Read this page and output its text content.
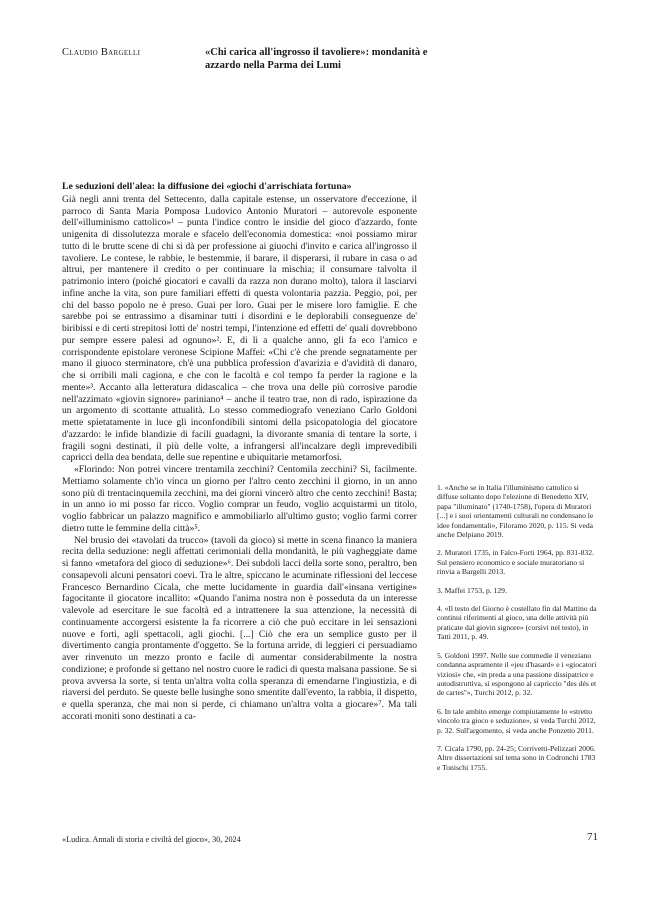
Claudio Bargelli	«Chi carica all'ingrosso il tavoliere»: mondanità e azzardo nella Parma dei Lumi
Le seduzioni dell'alea: la diffusione dei «giochi d'arrischiata fortuna»

Già negli anni trenta del Settecento, dalla capitale estense, un osservatore d'eccezione, il parroco di Santa Maria Pomposa Ludovico Antonio Muratori – autorevole esponente dell'«illuminismo cattolico»¹ – punta l'indice contro le insidie del gioco d'azzardo, fonte unigenita di dissolutezza morale e sfacelo dell'economia domestica: «noi possiamo mirar tutto di le brutte scene di chi si dà per professione ai giuochi d'invito e carica all'ingrosso il tavoliere. Le contese, le rabbie, le bestemmie, il barare, il disperarsi, il rubare in casa o ad altrui, per mantenere il credito o per continuare la mischia; il consumare talvolta il patrimonio intero (poiché giocatori e cavalli da razza non durano molto), talora il lasciarvi infine anche la vita, son pure familiari effetti di questa volontaria pazzia. Peggio, poi, per chi del basso popolo ne è preso. Guai per loro. Guai per le misere loro famiglie. E che sarebbe poi se entrassimo a disaminar tutti i disordini e le deplorabili conseguenze de' biribissi e di certi strepitosi lotti de' nostri tempi, l'intenzione ed effetti de' quali dovrebbono pur sempre essere palesi ad ognuno»². E, di lì a qualche anno, gli fa eco l'amico e corrispondente epistolare veronese Scipione Maffei: «Chi c'è che prende segnatamente per mano il giuoco sterminatore, ch'è una pubblica profession d'avarizia e d'avidità di danaro, che si orribili mali cagiona, e che con le facoltà e col tempo fa perder la ragione e la mente»³. Accanto alla letteratura didascalica – che trova una delle più corrosive parodie nell'azzimato «giovin signore» pariniano⁴ – anche il teatro trae, non di rado, ispirazione da un argomento di scottante attualità. Lo stesso commediografo veneziano Carlo Goldoni mette spietatamente in luce gli inconfondibili sintomi della psicopatologia del giocatore d'azzardo: le infide blandizie di facili guadagni, la divorante smania di tentare la sorte, i fragili sogni destinati, il più delle volte, a infrangersi all'incalzare degli imprevedibili capricci della dea bendata, delle sue repentine e ubiquitarie metamorfosi.

«Florindo: Non potrei vincere trentamila zecchini? Centomila zecchini? Sì, facilmente. Mettiamo solamente ch'io vinca un giorno per l'altro cento zecchini il giorno, in un anno sono più di trentacinquemila zecchini, ma dei giorni vincerò altro che cento zecchini! Basta; in un anno io mi posso far ricco. Voglio comprar un feudo, voglio acquistarmi un titolo, voglio fabbricar un palazzo magnifico e ammobiliarlo all'ultimo gusto; voglio farmi correr dietro tutte le femmine della città»⁵.

Nel brusio dei «tavolati da trucco» (tavoli da gioco) si mette in scena financo la maniera recita della seduzione: negli affettati cerimoniali della mondanità, le più vagheggiate dame si fanno «metafora del gioco di seduzione»⁶. Dei subdoli lacci della sorte sono, peraltro, ben consapevoli alcuni pensatori coevi. Tra le altre, spiccano le acuminate riflessioni del leccese Francesco Bernardino Cicala, che mette lucidamente in guardia dall'«insana vertigine» fagocitante il giocatore incallito: «Quando l'anima nostra non è posseduta da un interesse valevole ad esercitare le sue facoltà ed a intrattenere la sua attenzione, la necessità di continuamente accorgersi esistente la fa ricorrere a ciò che può eccitare in lei sensazioni nuove e forti, agli spettacoli, agli giochi. [...] Ciò che era un semplice gusto per il divertimento cangia prontamente d'oggetto. Se la fortuna arride, di leggieri ci persuadiamo aver rinvenuto un mezzo pronto e facile di aumentar considerabilmente la nostra condizione; e profonde si gettano nel nostro cuore le radici di questa malsana passione. Se si prova avversa la sorte, si tenta un'altra volta colla speranza di emendarne l'ingiustizia, e di riaversi del perduto. Se queste belle lusinghe sono smentite dall'evento, la rabbia, il dispetto, e quella speranza, che mai non si perde, ci chiamano un'altra volta a giocare»⁷. Ma tali accorati moniti sono destinati a ca-

1. «Anche se in Italia l'illuminismo cattolico si diffuse soltanto dopo l'elezione di Benedetto XIV, papa "illuminato" (1740-1758), l'opera di Muratori [...] e i suoi orientamenti culturali ne condensano le idee fondamentali», Filoramo 2020, p. 115. Si veda anche Delpiano 2019.
2. Muratori 1735, in Falco-Forti 1964, pp. 831-832. Sul pensiero economico e sociale muratoriano si rinvia a Bargelli 2013.
3. Maffei 1753, p. 129.
4. «Il testo del Giorno è costellato fin dal Mattino da continui riferimenti al gioco, una delle attività più praticate dal giovin signore» (corsivi nel testo), in Tatti 2011, p. 49.
5. Goldoni 1997. Nelle sue commedie il veneziano condanna aspramente il «jeu d'hasard» e i «giocatori viziosi» che, «in preda a una passione dissipatrice e autodistruttiva, si espongono al capriccio "des dés et de cartes"», Turchi 2012, p. 32.
6. In tale ambito emerge compiutamente lo «stretto vincolo tra gioco e seduzione», si veda Turchi 2012, p. 32. Sull'argomento, si veda anche Ponzetto 2011.
7. Cicala 1790, pp. 24-25; Corrivetti-Pelizzari 2006. Altre dissertazioni sul tema sono in Codronchi 1783 e Tonischi 1755.
«Ludica. Annali di storia e civiltà del gioco», 30, 2024	71
